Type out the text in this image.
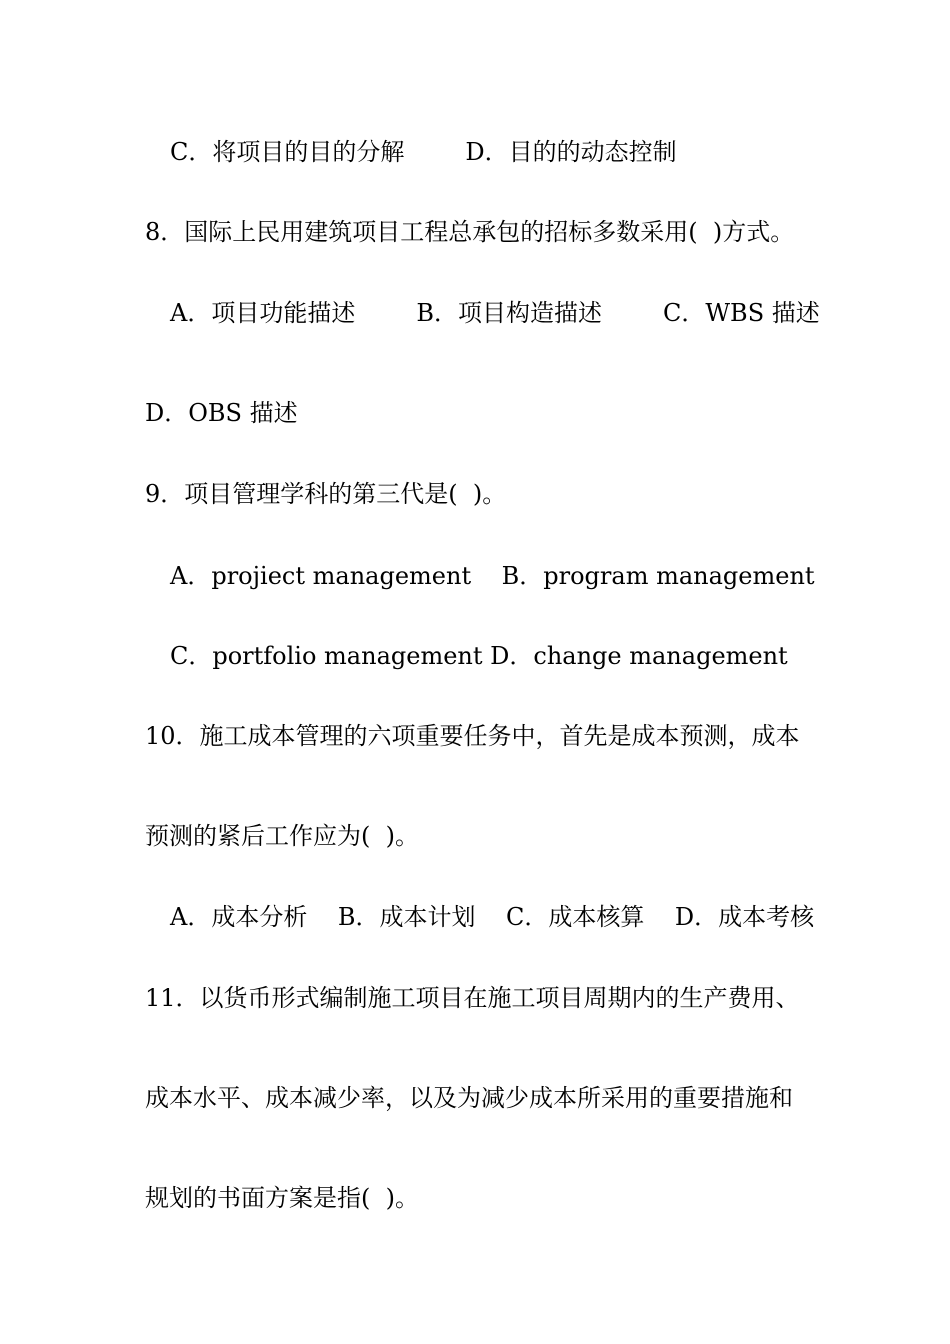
C．将项目的目的分解        D．目的的动态控制
8．国际上民用建筑项目工程总承包的招标多数采用(  )方式。
A．项目功能描述        B．项目构造描述        C．WBS 描述
D．OBS 描述
9．项目管理学科的第三代是(  )。
A．projiect management    B．program management
C．portfolio management D．change management
10．施工成本管理的六项重要任务中，首先是成本预测，成本
预测的紧后工作应为(  )。
A．成本分析    B．成本计划    C．成本核算    D．成本考核
11．以货币形式编制施工项目在施工项目周期内的生产费用、
成本水平、成本减少率，以及为减少成本所采用的重要措施和
规划的书面方案是指(  )。
